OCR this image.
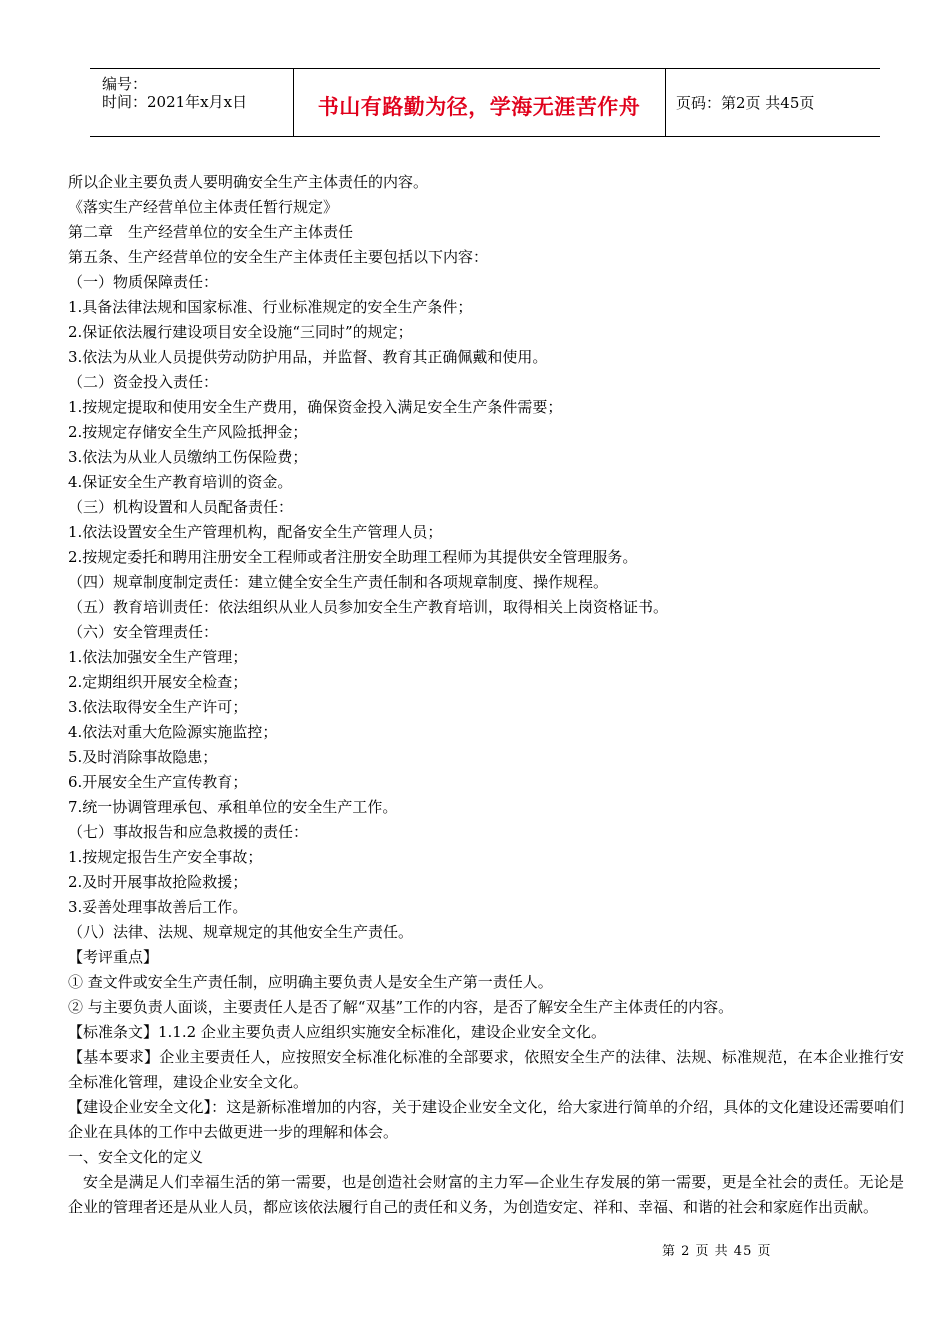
编号：
时间：2021年x月x日	书山有路勤为径，学海无涯苦作舟	页码：第2页 共45页
所以企业主要负责人要明确安全生产主体责任的内容。
《落实生产经营单位主体责任暂行规定》
第二章　生产经营单位的安全生产主体责任
第五条、生产经营单位的安全生产主体责任主要包括以下内容：
（一）物质保障责任：
1.具备法律法规和国家标准、行业标准规定的安全生产条件；
2.保证依法履行建设项目安全设施“三同时”的规定；
3.依法为从业人员提供劳动防护用品，并监督、教育其正确佩戴和使用。
（二）资金投入责任：
1.按规定提取和使用安全生产费用，确保资金投入满足安全生产条件需要；
2.按规定存储安全生产风险抵押金；
3.依法为从业人员缴纳工伤保险费；
4.保证安全生产教育培训的资金。
（三）机构设置和人员配备责任：
1.依法设置安全生产管理机构，配备安全生产管理人员；
2.按规定委托和聘用注册安全工程师或者注册安全助理工程师为其提供安全管理服务。
（四）规章制度制定责任：建立健全安全生产责任制和各项规章制度、操作规程。
（五）教育培训责任：依法组织从业人员参加安全生产教育培训，取得相关上岗资格证书。
（六）安全管理责任：
1.依法加强安全生产管理；
2.定期组织开展安全检查；
3.依法取得安全生产许可；
4.依法对重大危险源实施监控；
5.及时消除事故隐患；
6.开展安全生产宣传教育；
7.统一协调管理承包、承租单位的安全生产工作。
（七）事故报告和应急救援的责任：
1.按规定报告生产安全事故；
2.及时开展事故抢险救援；
3.妥善处理事故善后工作。
（八）法律、法规、规章规定的其他安全生产责任。
【考评重点】
① 查文件或安全生产责任制，应明确主要负责人是安全生产第一责任人。
② 与主要负责人面谈，主要责任人是否了解“双基”工作的内容，是否了解安全生产主体责任的内容。
【标准条文】1.1.2 企业主要负责人应组织实施安全标准化，建设企业安全文化。
【基本要求】企业主要责任人，应按照安全标准化标准的全部要求，依照安全生产的法律、法规、标准规范，在本企业推行安全标准化管理，建设企业安全文化。
【建设企业安全文化】：这是新标准增加的内容，关于建设企业安全文化，给大家进行简单的介绍，具体的文化建设还需要咱们企业在具体的工作中去做更进一步的理解和体会。
一、安全文化的定义
安全是满足人们幸福生活的第一需要，也是创造社会财富的主力军—企业生存发展的第一需要，更是全社会的责任。无论是企业的管理者还是从业人员，都应该依法履行自己的责任和义务，为创造安定、祥和、幸福、和谐的社会和家庭作出贡献。
第 2 页 共 45 页
